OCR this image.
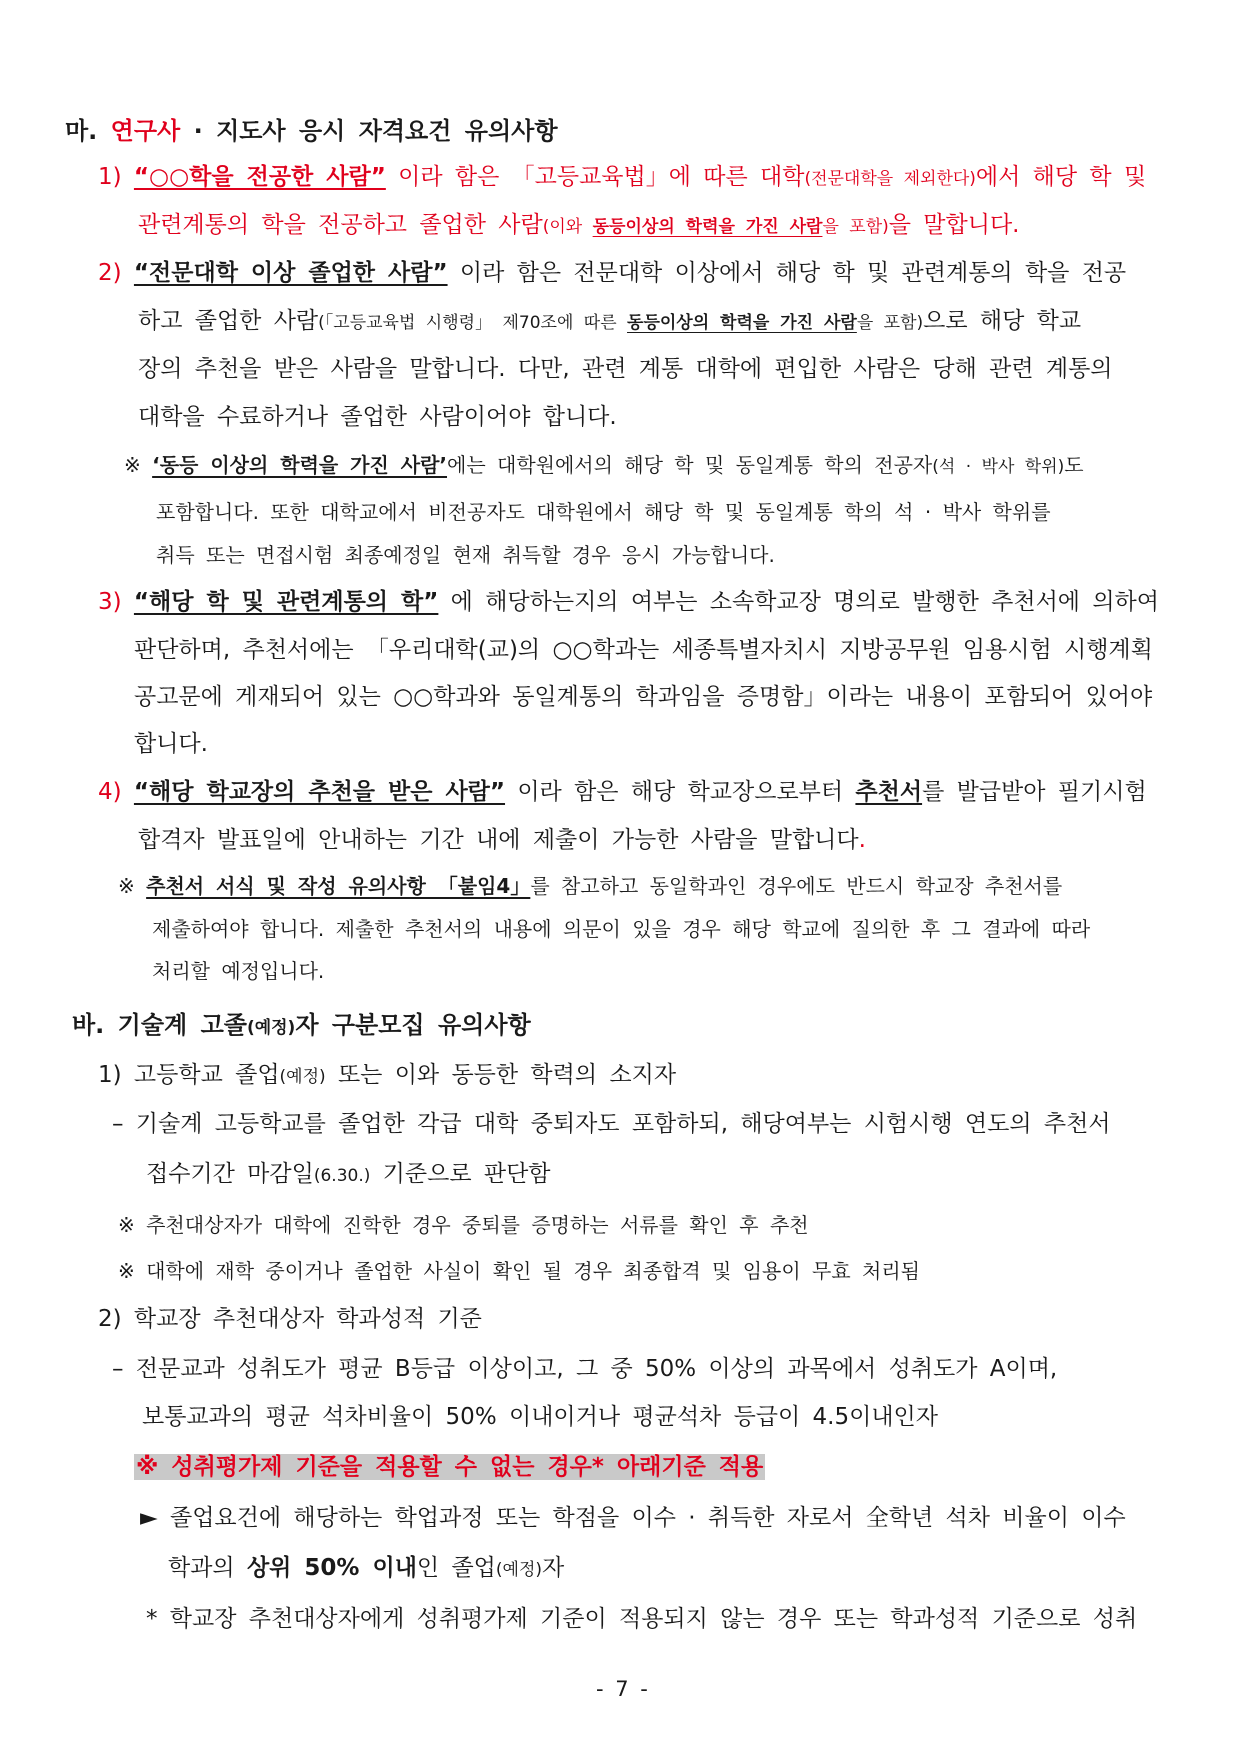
마. 연구사 · 지도사 응시 자격요건 유의사항
1) “○○학을 전공한 사람” 이라 함은 「고등교육법」에 따른 대학(전문대학을 제외한다)에서 해당 학 및
관련계통의 학을 전공하고 졸업한 사람(이와 동등이상의 학력을 가진 사람을 포함)을 말합니다.
2) “전문대학 이상 졸업한 사람” 이라 함은 전문대학 이상에서 해당 학 및 관련계통의 학을 전공
하고 졸업한 사람(「고등교육법 시행령」 제70조에 따른 동등이상의 학력을 가진 사람을 포함)으로 해당 학교
장의 추천을 받은 사람을 말합니다. 다만, 관련 계통 대학에 편입한 사람은 당해 관련 계통의
대학을 수료하거나 졸업한 사람이어야 합니다.
※ ‘동등 이상의 학력을 가진 사람’에는 대학원에서의 해당 학 및 동일계통 학의 전공자(석 · 박사 학위)도
포함합니다. 또한 대학교에서 비전공자도 대학원에서 해당 학 및 동일계통 학의 석 · 박사 학위를
취득 또는 면접시험 최종예정일 현재 취득할 경우 응시 가능합니다.
3) “해당 학 및 관련계통의 학” 에 해당하는지의 여부는 소속학교장 명의로 발행한 추천서에 의하여
판단하며, 추천서에는 「우리대학(교)의 ○○학과는 세종특별자치시 지방공무원 임용시험 시행계획
공고문에 게재되어 있는 ○○학과와 동일계통의 학과임을 증명함」이라는 내용이 포함되어 있어야
합니다.
4) “해당 학교장의 추천을 받은 사람” 이라 함은 해당 학교장으로부터 추천서를 발급받아 필기시험
합격자 발표일에 안내하는 기간 내에 제출이 가능한 사람을 말합니다.
※ 추천서 서식 및 작성 유의사항 「붙임4」를 참고하고 동일학과인 경우에도 반드시 학교장 추천서를
제출하여야 합니다. 제출한 추천서의 내용에 의문이 있을 경우 해당 학교에 질의한 후 그 결과에 따라
처리할 예정입니다.
바. 기술계 고졸(예정)자 구분모집 유의사항
1) 고등학교 졸업(예정) 또는 이와 동등한 학력의 소지자
– 기술계 고등학교를 졸업한 각급 대학 중퇴자도 포함하되, 해당여부는 시험시행 연도의 추천서
접수기간 마감일(6.30.) 기준으로 판단함
※ 추천대상자가 대학에 진학한 경우 중퇴를 증명하는 서류를 확인 후 추천
※ 대학에 재학 중이거나 졸업한 사실이 확인 될 경우 최종합격 및 임용이 무효 처리됨
2) 학교장 추천대상자 학과성적 기준
– 전문교과 성취도가 평균 B등급 이상이고, 그 중 50% 이상의 과목에서 성취도가 A이며,
보통교과의 평균 석차비율이 50% 이내이거나 평균석차 등급이 4.5이내인자
※ 성취평가제 기준을 적용할 수 없는 경우* 아래기준 적용
► 졸업요건에 해당하는 학업과정 또는 학점을 이수 · 취득한 자로서 全학년 석차 비율이 이수
학과의 상위 50% 이내인 졸업(예정)자
* 학교장 추천대상자에게 성취평가제 기준이 적용되지 않는 경우 또는 학과성적 기준으로 성취
- 7 -
